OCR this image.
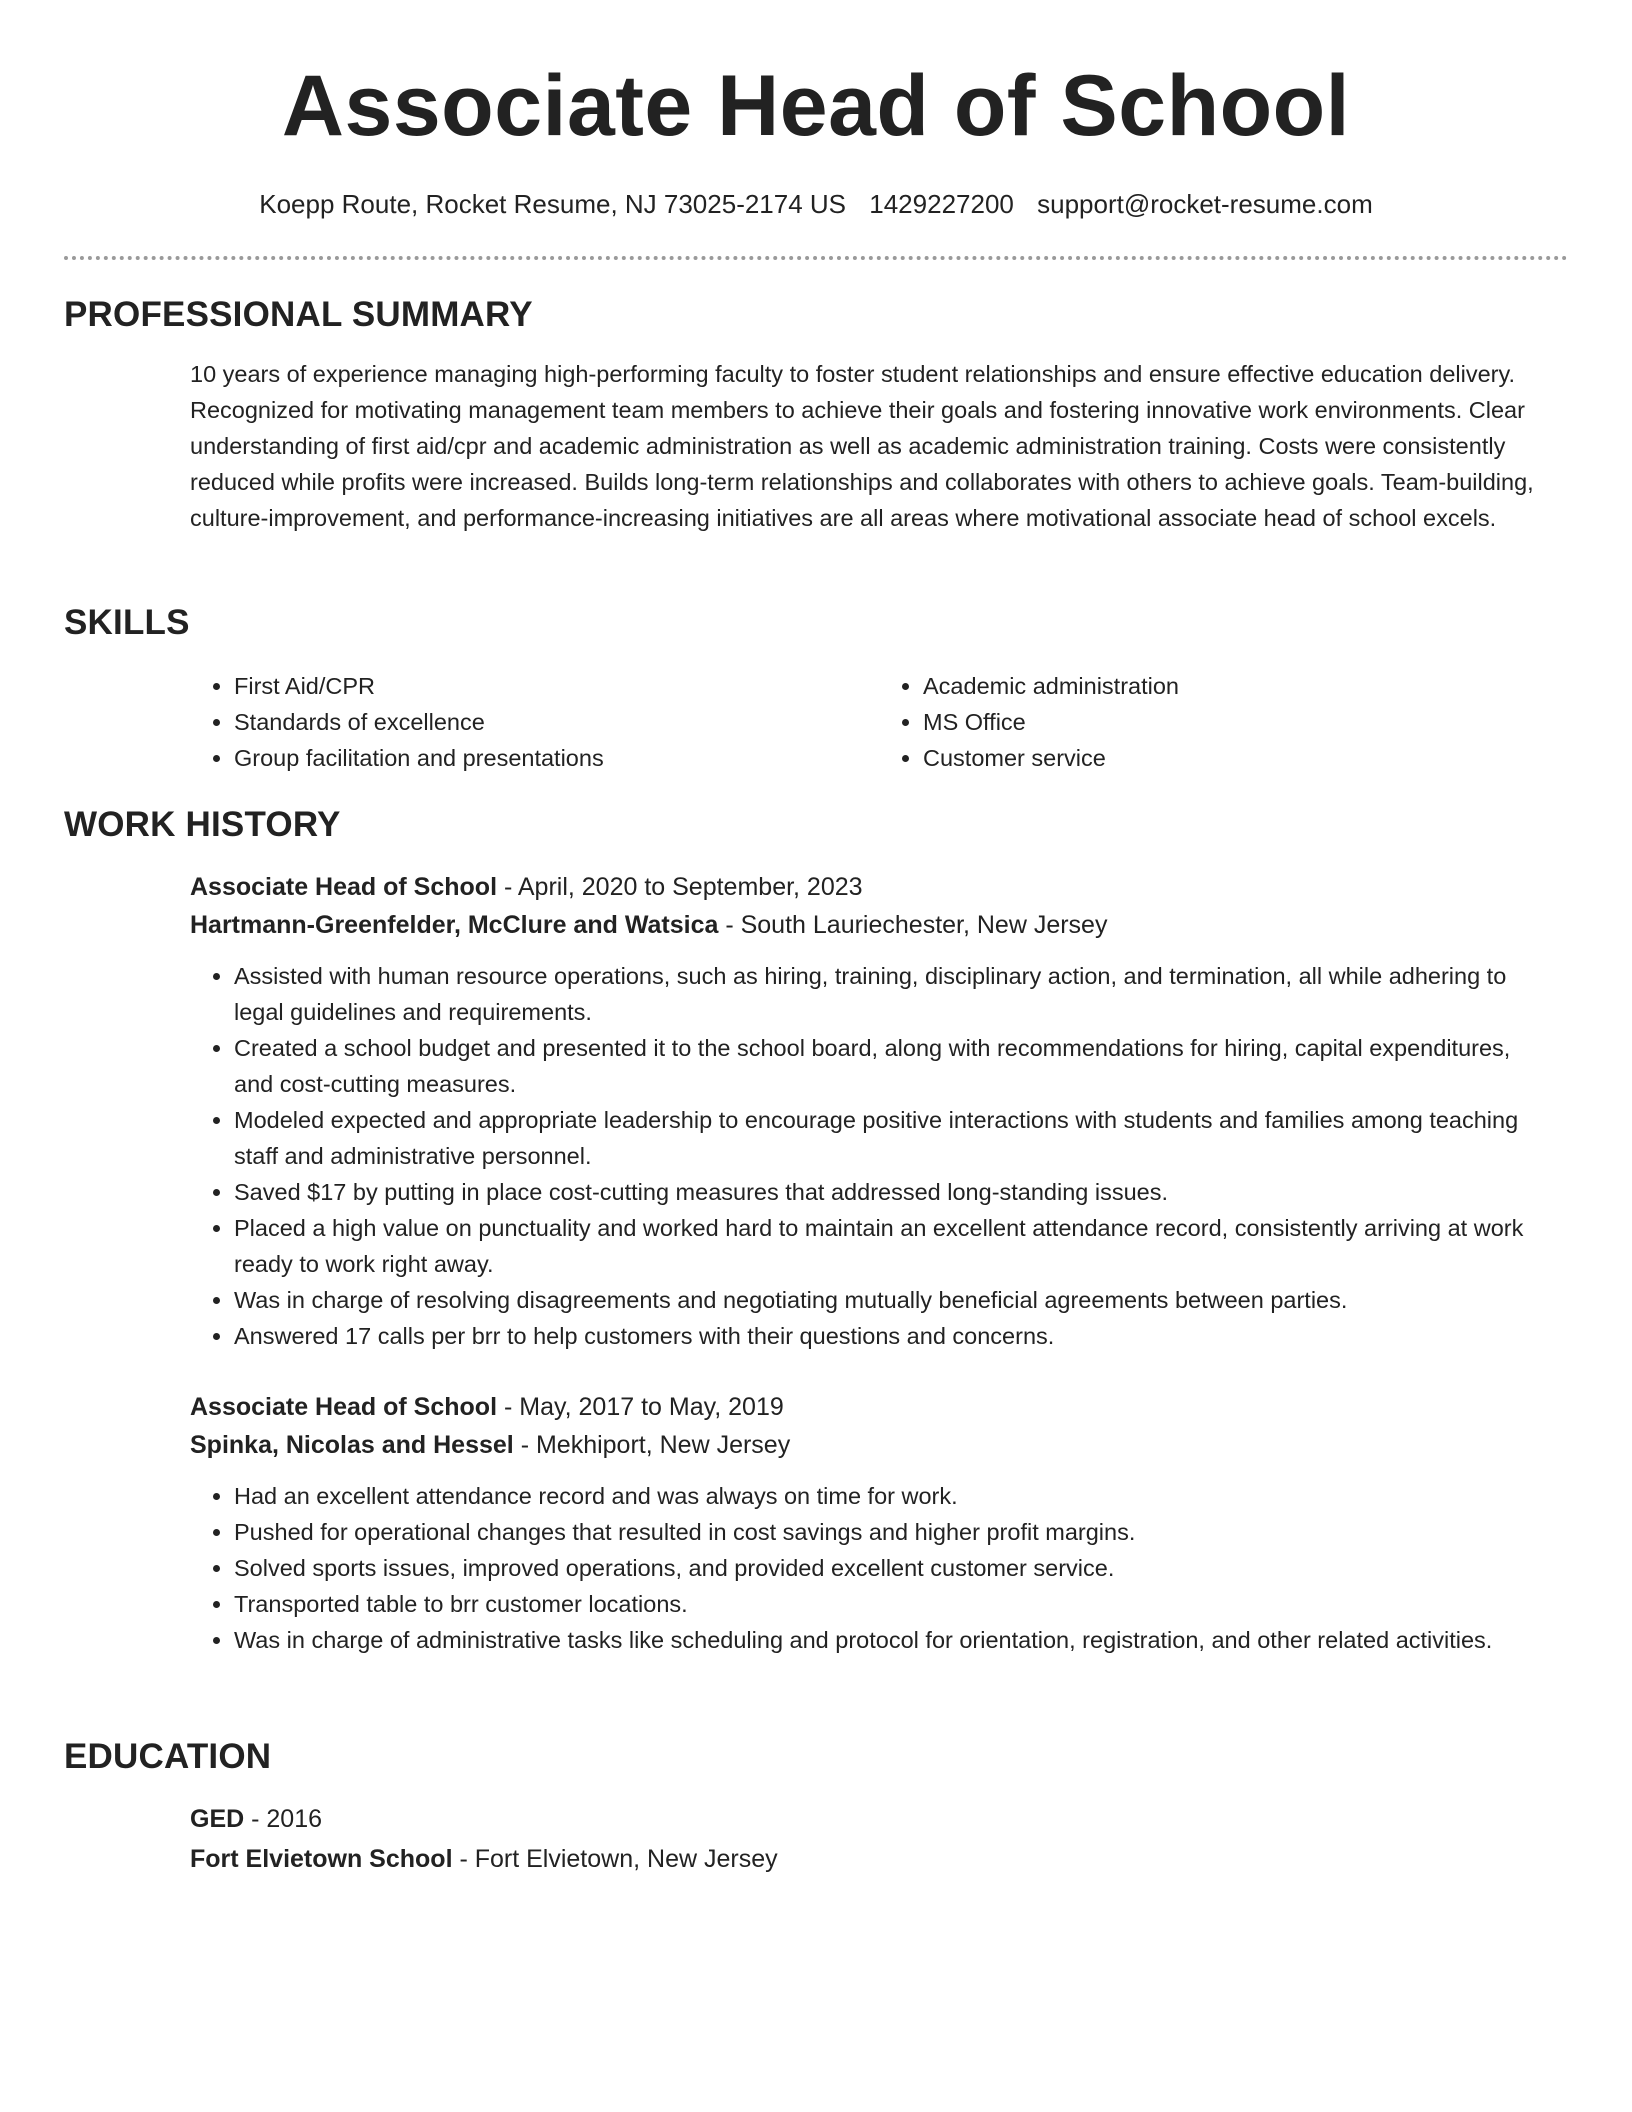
Associate Head of School
Koepp Route, Rocket Resume, NJ 73025-2174 US 1429227200 support@rocket-resume.com
PROFESSIONAL SUMMARY
10 years of experience managing high-performing faculty to foster student relationships and ensure effective education delivery. Recognized for motivating management team members to achieve their goals and fostering innovative work environments. Clear understanding of first aid/cpr and academic administration as well as academic administration training. Costs were consistently reduced while profits were increased. Builds long-term relationships and collaborates with others to achieve goals. Team-building, culture-improvement, and performance-increasing initiatives are all areas where motivational associate head of school excels.
SKILLS
• First Aid/CPR
• Standards of excellence
• Group facilitation and presentations
• Academic administration
• MS Office
• Customer service
WORK HISTORY
Associate Head of School - April, 2020 to September, 2023
Hartmann-Greenfelder, McClure and Watsica - South Lauriechester, New Jersey
• Assisted with human resource operations, such as hiring, training, disciplinary action, and termination, all while adhering to legal guidelines and requirements.
• Created a school budget and presented it to the school board, along with recommendations for hiring, capital expenditures, and cost-cutting measures.
• Modeled expected and appropriate leadership to encourage positive interactions with students and families among teaching staff and administrative personnel.
• Saved $17 by putting in place cost-cutting measures that addressed long-standing issues.
• Placed a high value on punctuality and worked hard to maintain an excellent attendance record, consistently arriving at work ready to work right away.
• Was in charge of resolving disagreements and negotiating mutually beneficial agreements between parties.
• Answered 17 calls per brr to help customers with their questions and concerns.
Associate Head of School - May, 2017 to May, 2019
Spinka, Nicolas and Hessel - Mekhiport, New Jersey
• Had an excellent attendance record and was always on time for work.
• Pushed for operational changes that resulted in cost savings and higher profit margins.
• Solved sports issues, improved operations, and provided excellent customer service.
• Transported table to brr customer locations.
• Was in charge of administrative tasks like scheduling and protocol for orientation, registration, and other related activities.
EDUCATION
GED - 2016
Fort Elvietown School - Fort Elvietown, New Jersey
